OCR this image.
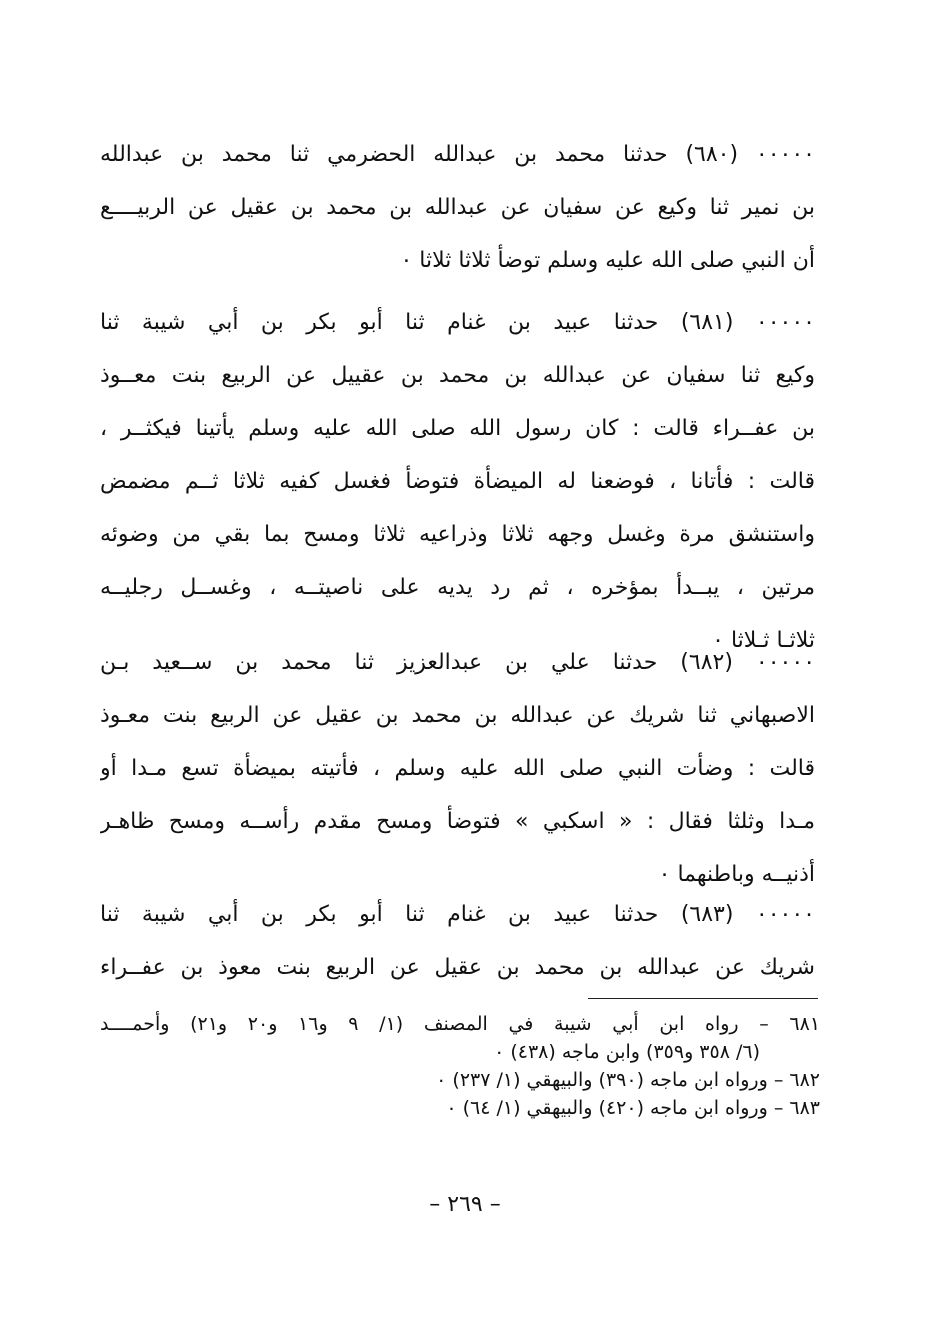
٠٠٠٠٠ (٦٨٠) حدثنا محمد بن عبدالله الحضرمي ثنا محمد بن عبدالله
بن نمير ثنا وكيع عن سفيان عن عبدالله بن محمد بن عقيل عن الربيــــع
أن النبي صلى الله عليه وسلم توضأ ثلاثا ثلاثا ٠
٠٠٠٠٠ (٦٨١) حدثنا عبيد بن غنام ثنا أبو بكر بن أبي شيبة ثنا
وكيع ثنا سفيان عن عبدالله بن محمد بن عقييل عن الربيع بنت معــوذ
بن عفــراء قالت : كان رسول الله صلى الله عليه وسلم يأتينا فيكثــر ،
قالت : فأتانا ، فوضعنا له الميضأة فتوضأ فغسل كفيه ثلاثا ثــم مضمض
واستنشق مرة وغسل وجهه ثلاثا وذراعيه ثلاثا ومسح بما بقي من وضوئه
مرتين ، يبــدأ بمؤخره ، ثم رد يديه على ناصيتــه ، وغســل رجليــه
ثلاثـا ثـلاثا ٠
٠٠٠٠٠ (٦٨٢) حدثنا علي بن عبدالعزيز ثنا محمد بن ســعيد بـن
الاصبهاني ثنا شريك عن عبدالله بن محمد بن عقيل عن الربيع بنت معـوذ
قالت : وضأت النبي صلى الله عليه وسلم ، فأتيته بميضأة تسع مـدا أو
مـدا وثلثا فقال : « اسكبي » فتوضأ ومسح مقدم رأســه ومسح ظاهـر
أذنيــه وباطنهما ٠
٠٠٠٠٠ (٦٨٣) حدثنا عبيد بن غنام ثنا أبو بكر بن أبي شيبة ثنا
شريك عن عبدالله بن محمد بن عقيل عن الربيع بنت معوذ بن عفــراء
٦٨١ – رواه ابن أبي شيبة في المصنف (١/ ٩ و١٦ و٢٠ و٢١) وأحمــــد
(٦/ ٣٥٨ و٣٥٩) وابن ماجه (٤٣٨) ٠
٦٨٢ – ورواه ابن ماجه (٣٩٠) والبيهقي (١/ ٢٣٧) ٠
٦٨٣ – ورواه ابن ماجه (٤٢٠) والبيهقي (١/ ٦٤) ٠
– ٢٦٩ –
